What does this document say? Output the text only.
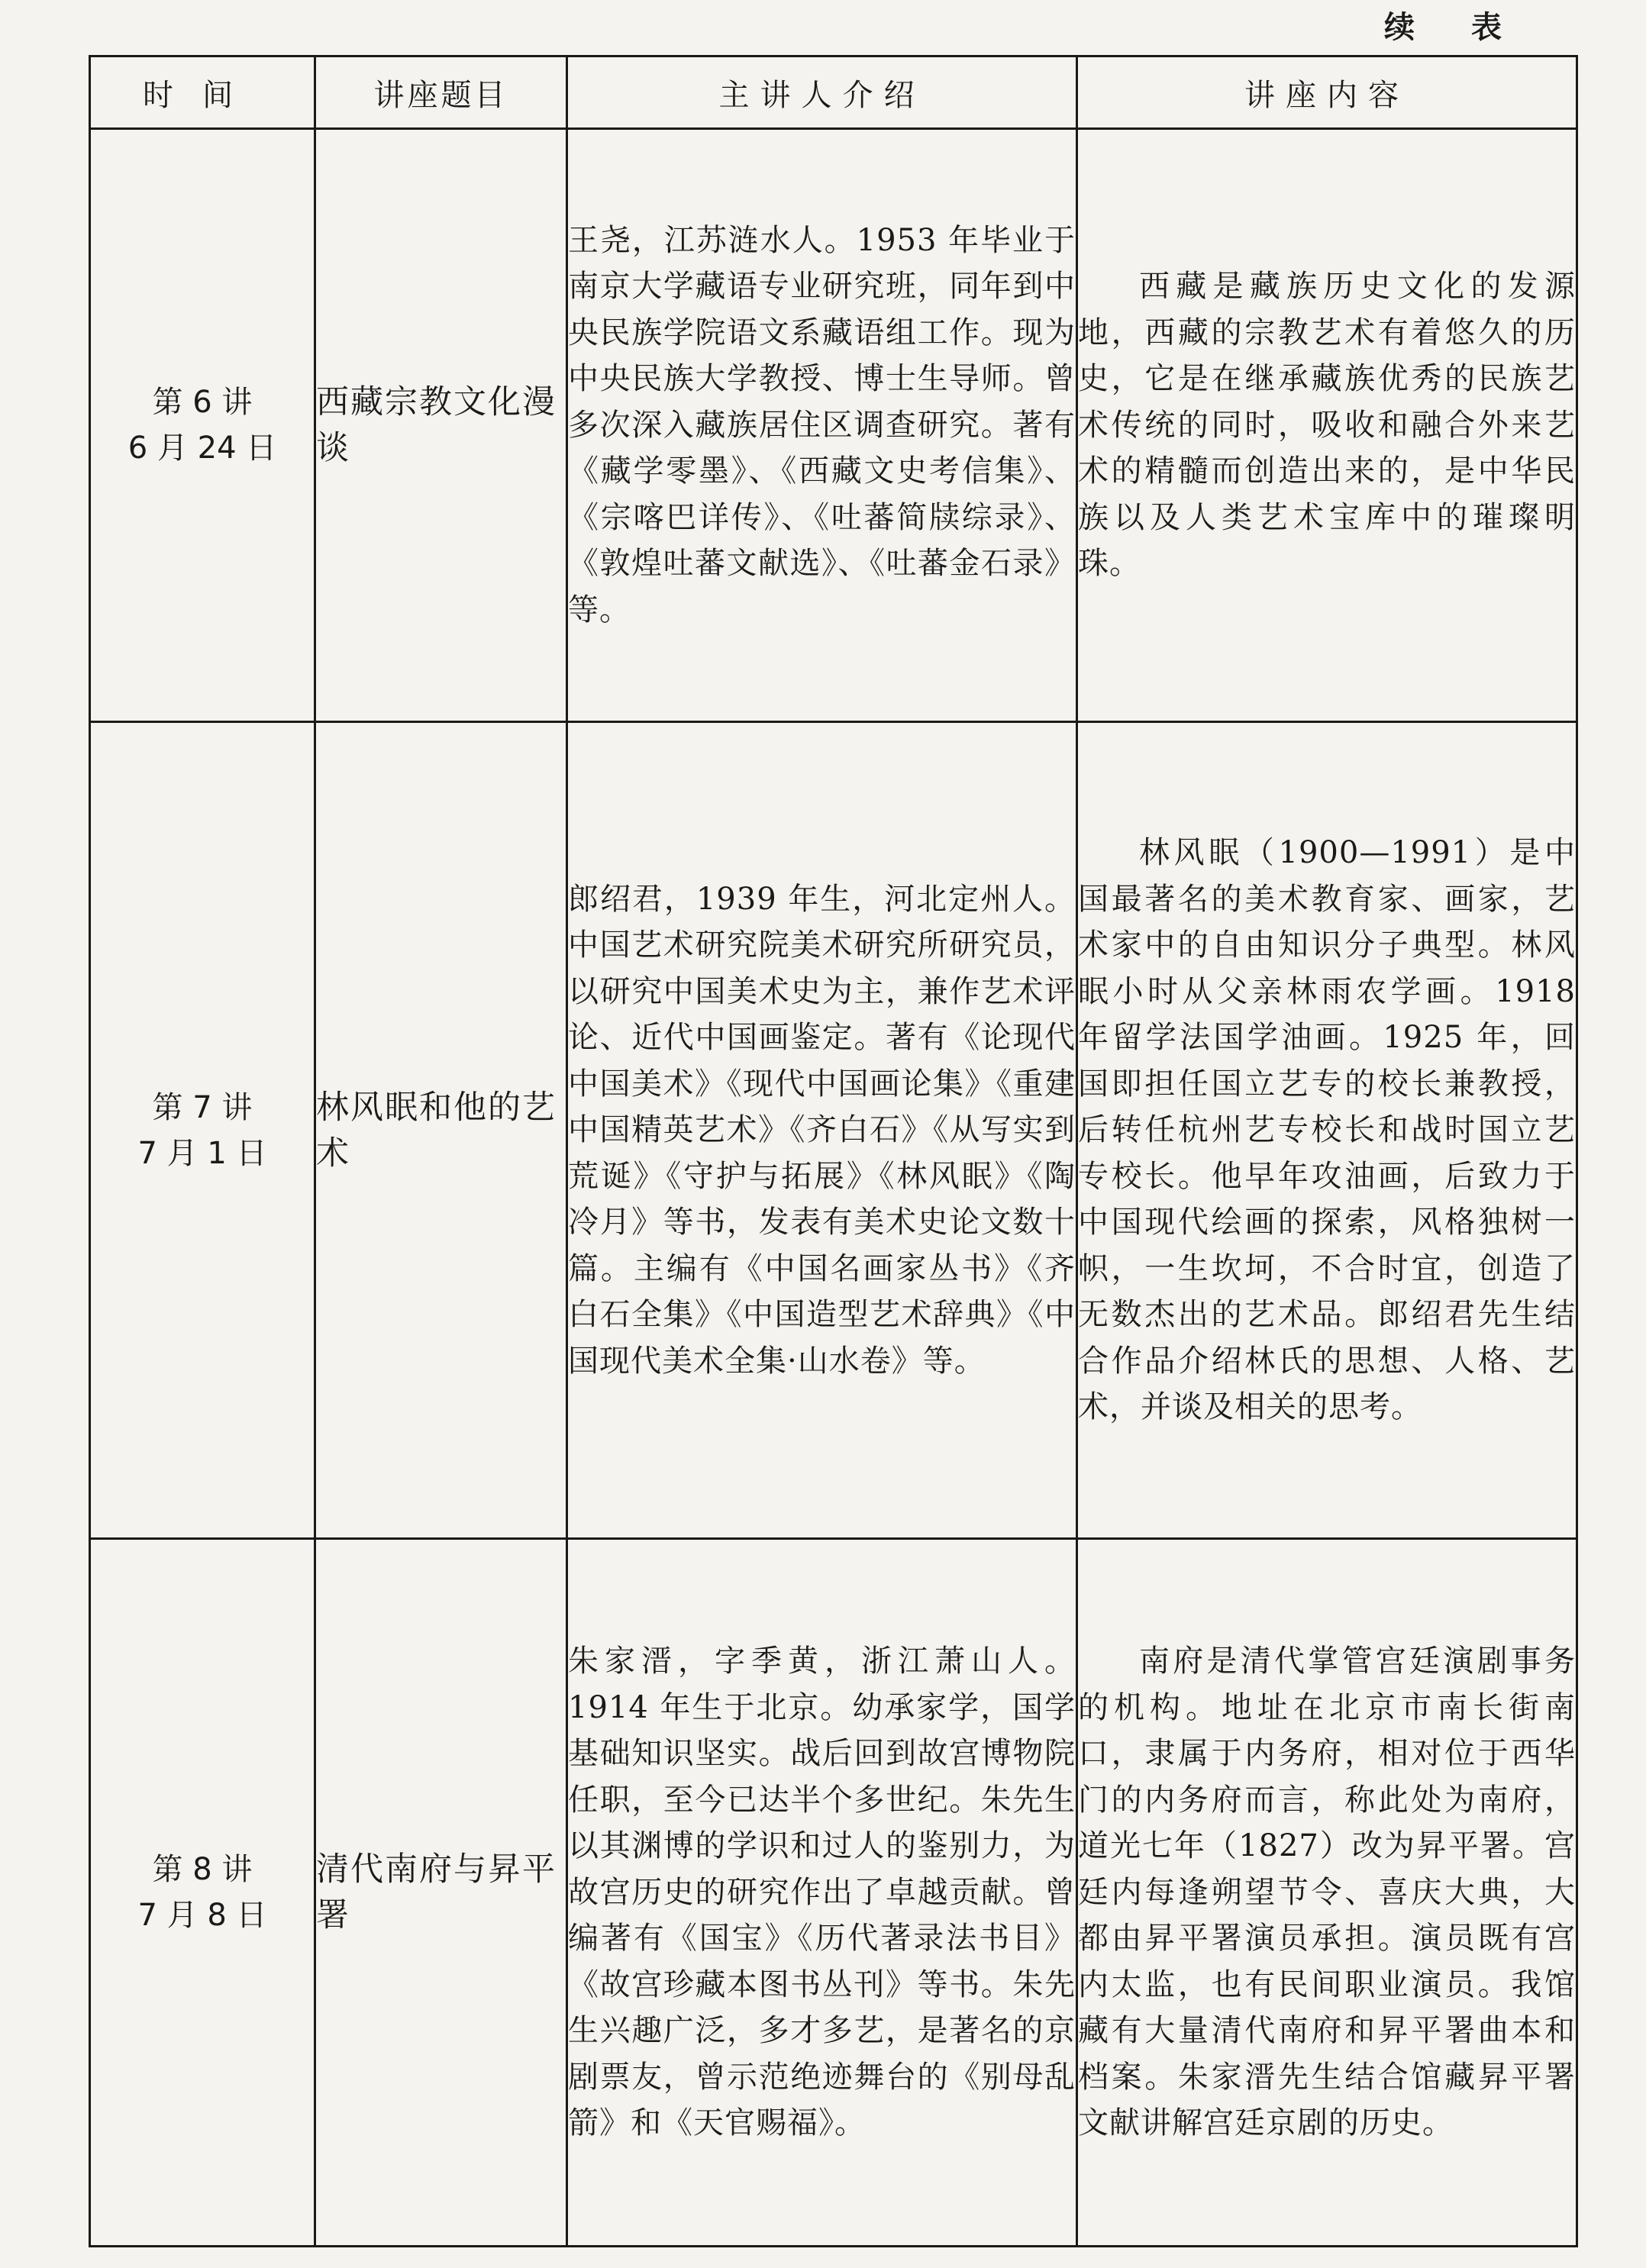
续 表
时间	讲座题目	主讲人介绍	讲座内容

第 6 讲
6 月 24 日	西藏宗教文化漫谈	王尧，江苏涟水人。1953 年毕业于南京大学藏语专业研究班，同年到中央民族学院语文系藏语组工作。现为中央民族大学教授、博士生导师。曾多次深入藏族居住区调查研究。著有《藏学零墨》、《西藏文史考信集》、《宗喀巴详传》、《吐蕃简牍综录》、《敦煌吐蕃文献选》、《吐蕃金石录》等。	西藏是藏族历史文化的发源地，西藏的宗教艺术有着悠久的历史，它是在继承藏族优秀的民族艺术传统的同时，吸收和融合外来艺术的精髓而创造出来的，是中华民族以及人类艺术宝库中的璀璨明珠。

第 7 讲
7 月 1 日	林风眠和他的艺术	郎绍君，1939 年生，河北定州人。中国艺术研究院美术研究所研究员，以研究中国美术史为主，兼作艺术评论、近代中国画鉴定。著有《论现代中国美术》《现代中国画论集》《重建中国精英艺术》《齐白石》《从写实到荒诞》《守护与拓展》《林风眠》《陶冷月》等书，发表有美术史论文数十篇。主编有《中国名画家丛书》《齐白石全集》《中国造型艺术辞典》《中国现代美术全集·山水卷》等。	林风眠（1900—1991）是中国最著名的美术教育家、画家，艺术家中的自由知识分子典型。林风眠小时从父亲林雨农学画。1918 年留学法国学油画。1925 年，回国即担任国立艺专的校长兼教授，后转任杭州艺专校长和战时国立艺专校长。他早年攻油画，后致力于中国现代绘画的探索，风格独树一帜，一生坎坷，不合时宜，创造了无数杰出的艺术品。郎绍君先生结合作品介绍林氏的思想、人格、艺术，并谈及相关的思考。

第 8 讲
7 月 8 日	清代南府与昇平署	朱家溍，字季黄，浙江萧山人。1914 年生于北京。幼承家学，国学基础知识坚实。战后回到故宫博物院任职，至今已达半个多世纪。朱先生以其渊博的学识和过人的鉴别力，为故宫历史的研究作出了卓越贡献。曾编著有《国宝》《历代著录法书目》《故宫珍藏本图书丛刊》等书。朱先生兴趣广泛，多才多艺，是著名的京剧票友，曾示范绝迹舞台的《别母乱箭》和《天官赐福》。	南府是清代掌管宫廷演剧事务的机构。地址在北京市南长街南口，隶属于内务府，相对位于西华门的内务府而言，称此处为南府，道光七年（1827）改为昇平署。宫廷内每逢朔望节令、喜庆大典，大都由昇平署演员承担。演员既有宫内太监，也有民间职业演员。我馆藏有大量清代南府和昇平署曲本和档案。朱家溍先生结合馆藏昇平署文献讲解宫廷京剧的历史。
